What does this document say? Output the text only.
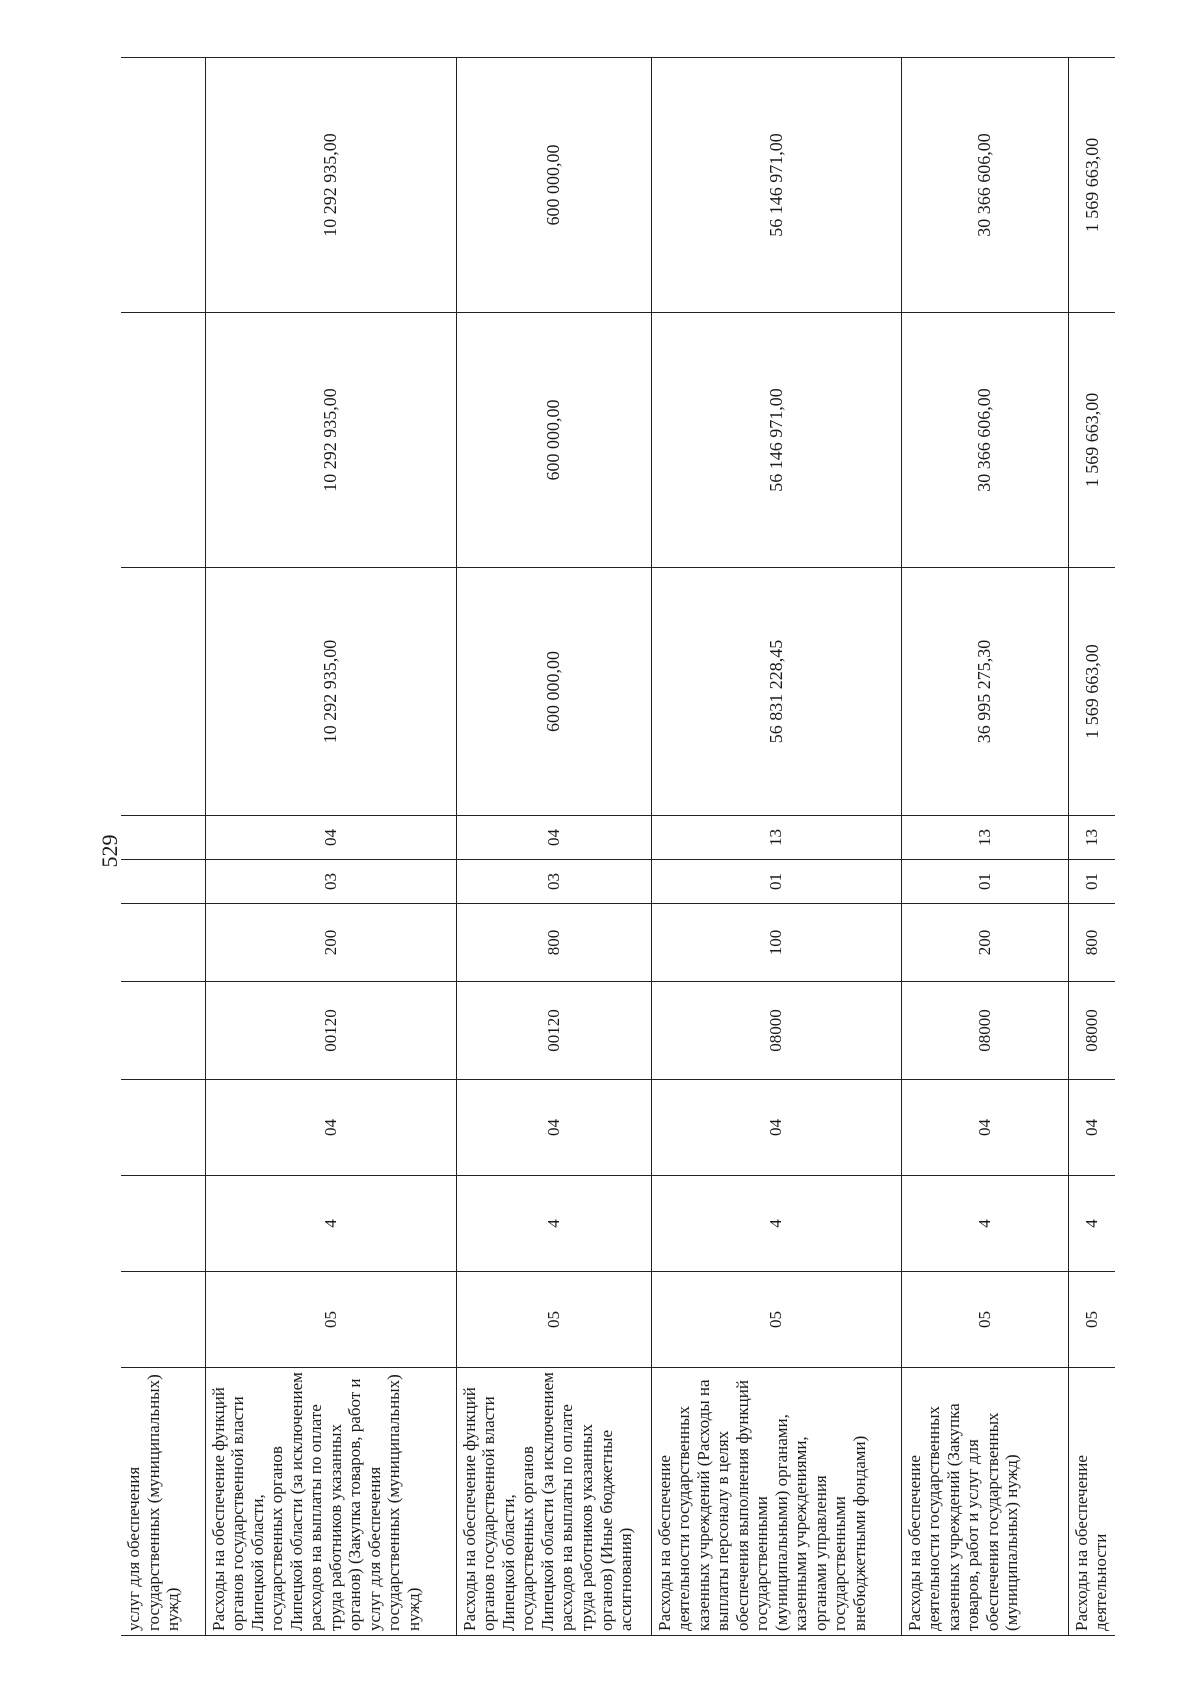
529
услуг для обеспечения государственных (муниципальных) нужд)										
Расходы на обеспечение функций органов государственной власти Липецкой области, государственных органов Липецкой области (за исключением расходов на выплаты по оплате труда работников указанных органов) (Закупка товаров, работ и услуг для обеспечения государственных (муниципальных) нужд)	05	4	04	00120	200	03	04	10 292 935,00	10 292 935,00	10 292 935,00
Расходы на обеспечение функций органов государственной власти Липецкой области, государственных органов Липецкой области (за исключением расходов на выплаты по оплате труда работников указанных органов) (Иные бюджетные ассигнования)	05	4	04	00120	800	03	04	600 000,00	600 000,00	600 000,00
Расходы на обеспечение деятельности государственных казенных учреждений (Расходы на выплаты персоналу в целях обеспечения выполнения функций государственными (муниципальными) органами, казенными учреждениями, органами управления государственными внебюджетными фондами)	05	4	04	08000	100	01	13	56 831 228,45	56 146 971,00	56 146 971,00
Расходы на обеспечение деятельности государственных казенных учреждений (Закупка товаров, работ и услуг для обеспечения государственных (муниципальных) нужд)	05	4	04	08000	200	01	13	36 995 275,30	30 366 606,00	30 366 606,00
Расходы на обеспечение деятельности	05	4	04	08000	800	01	13	1 569 663,00	1 569 663,00	1 569 663,00
